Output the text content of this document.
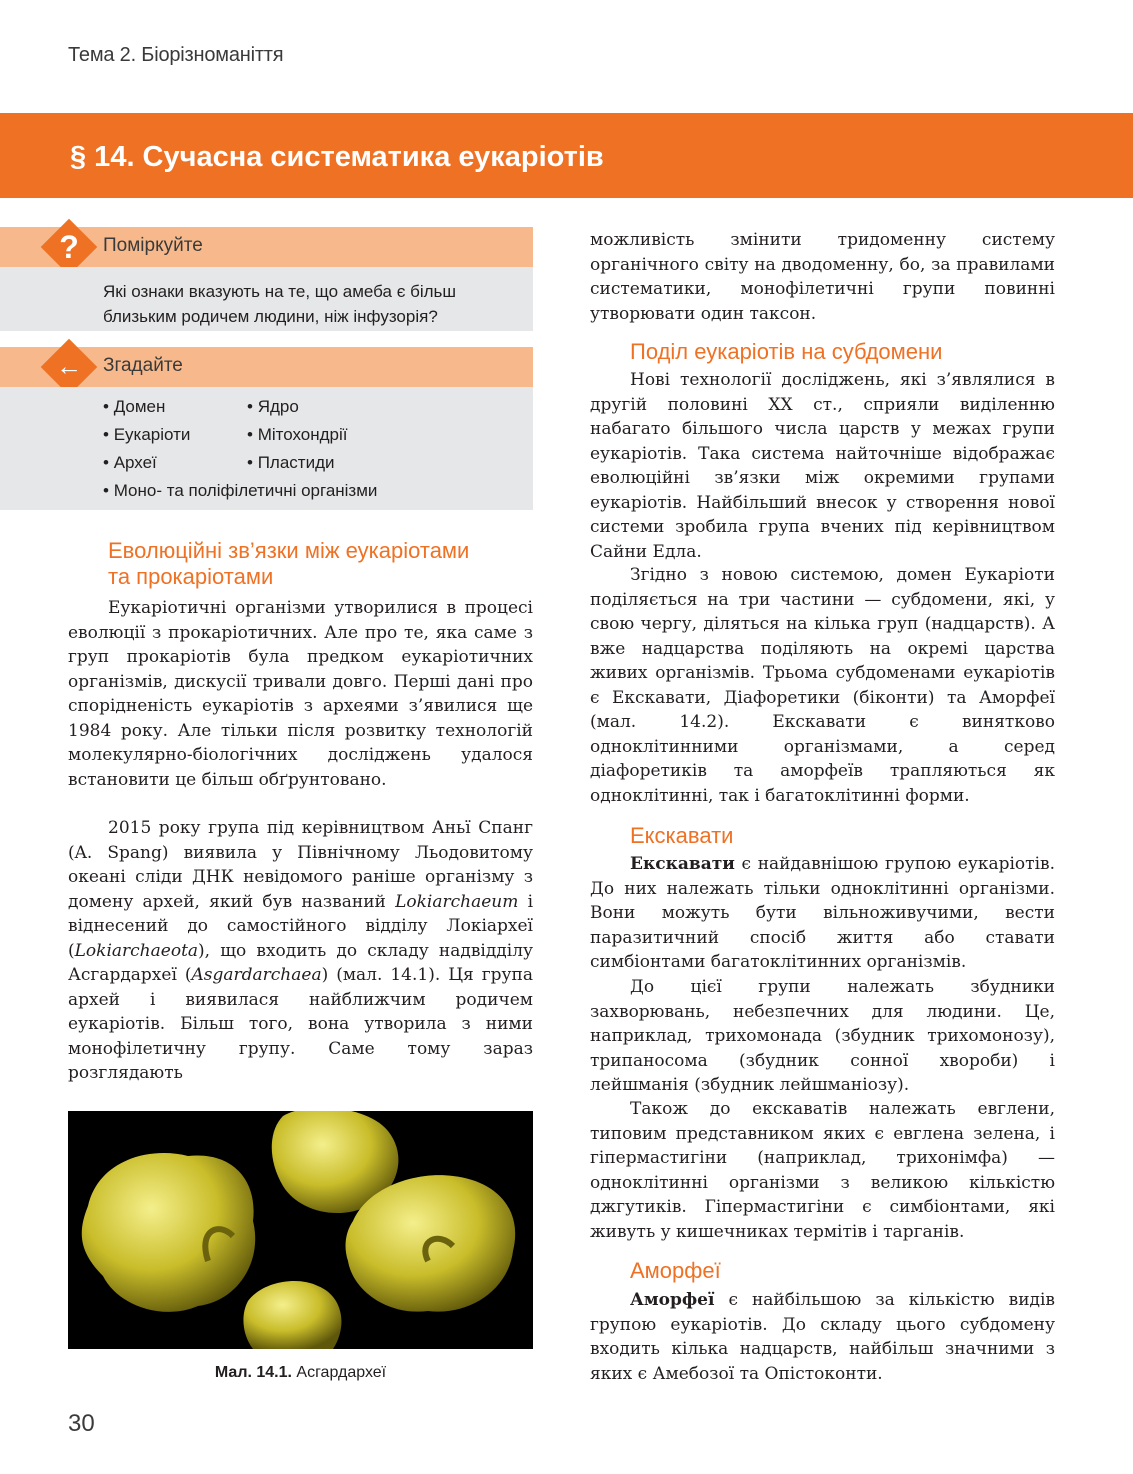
Тема 2. Біорізноманіття
§ 14. Сучасна систематика еукаріотів
?	Поміркуйте
Які ознаки вказують на те, що амеба є більш близьким родичем людини, ніж інфузорія?
←	Згадайте
• Домен	• Ядро
• Еукаріоти	• Мітохондрії
• Археї	• Пластиди
• Моно- та поліфілетичні організми
Еволюційні зв’язки між еукаріотами
та прокаріотами

Еукаріотичні організми утворилися в процесі еволюції з прокаріотичних. Але про те, яка саме з груп прокаріотів була предком еукаріотичних організмів, дискусії тривали довго. Перші дані про спорідненість еукаріотів з археями з’явилися ще 1984 року. Але тільки після розвитку технологій молекулярно-біологічних досліджень удалося встановити це більш обґрунтовано.

2015 року група під керівництвом Аньї Спанг (A. Spang) виявила у Північному Льодовитому океані сліди ДНК невідомого раніше організму з домену архей, який був названий Lokiarchaeum і віднесений до самостійного відділу Локіархеї (Lokiarchaeota), що входить до складу надвідділу Асгардархеї (Asgardarchaea) (мал. 14.1). Ця група архей і виявилася найближчим родичем еукаріотів. Більш того, вона утворила з ними монофілетичну групу. Саме тому зараз розглядають

Мал. 14.1. Асгардархеї
30

можливість змінити тридоменну систему органічного світу на дводоменну, бо, за правилами систематики, монофілетичні групи повинні утворювати один таксон.

Поділ еукаріотів на субдомени

Нові технології досліджень, які з’являлися в другій половині XX ст., сприяли виділенню набагато більшого числа царств у межах групи еукаріотів. Така система найточніше відображає еволюційні зв’язки між окремими групами еукаріотів. Найбільший внесок у створення нової системи зробила група вчених під керівництвом Сайни Едла.

Згідно з новою системою, домен Еукаріоти поділяється на три частини — субдомени, які, у свою чергу, діляться на кілька груп (надцарств). А вже надцарства поділяють на окремі царства живих організмів. Трьома субдоменами еукаріотів є Екскавати, Діафоретики (біконти) та Аморфеї (мал. 14.2). Екскавати є винятково одноклітинними організмами, а серед діафоретиків та аморфеїв трапляються як одноклітинні, так і багатоклітинні форми.

Екскавати

Екскавати є найдавнішою групою еукаріотів. До них належать тільки одноклітинні організми. Вони можуть бути вільноживучими, вести паразитичний спосіб життя або ставати симбіонтами багатоклітинних організмів.

До цієї групи належать збудники захворювань, небезпечних для людини. Це, наприклад, трихомонада (збудник трихомонозу), трипаносома (збудник сонної хвороби) і лейшманія (збудник лейшманіозу).

Також до екскаватів належать евглени, типовим представником яких є евглена зелена, і гіпермастигіни (наприклад, трихонімфа) — одноклітинні організми з великою кількістю джгутиків. Гіпермастигіни є симбіонтами, які живуть у кишечниках термітів і тарганів.

Аморфеї

Аморфеї є найбільшою за кількістю видів групою еукаріотів. До складу цього субдомену входить кілька надцарств, найбільш значними з яких є Амебозої та Опістоконти.
